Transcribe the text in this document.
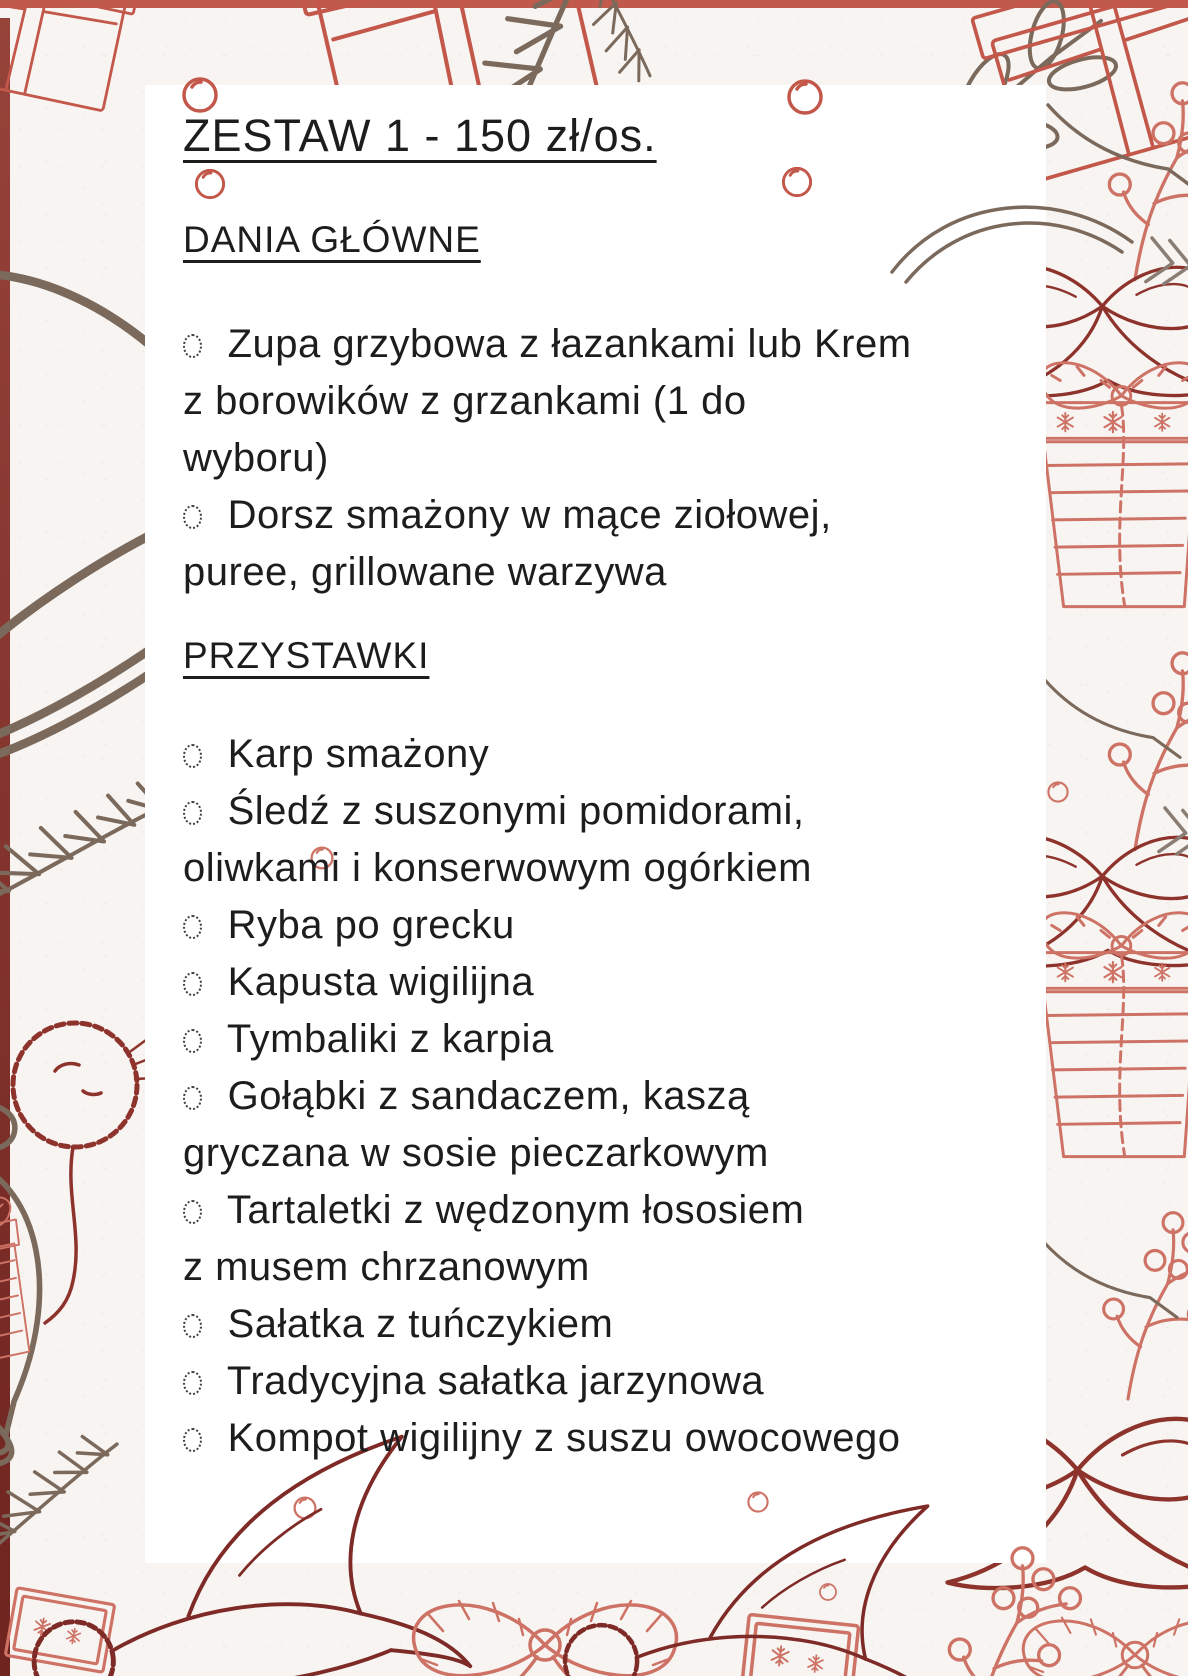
ZESTAW 1 - 150 zł/os.
DANIA GŁÓWNE

Zupa grzybowa z łazankami lub Krem
z borowików z grzankami (1 do
wyboru)

Dorsz smażony w mące ziołowej,
puree, grillowane warzywa

PRZYSTAWKI

Karp smażony

Śledź z suszonymi pomidorami,
oliwkami i konserwowym ogórkiem

Ryba po grecku

Kapusta wigilijna

Tymbaliki z karpia

Gołąbki z sandaczem, kaszą
gryczana w sosie pieczarkowym

Tartaletki z wędzonym łososiem
z musem chrzanowym

Sałatka z tuńczykiem

Tradycyjna sałatka jarzynowa

Kompot wigilijny z suszu owocowego
